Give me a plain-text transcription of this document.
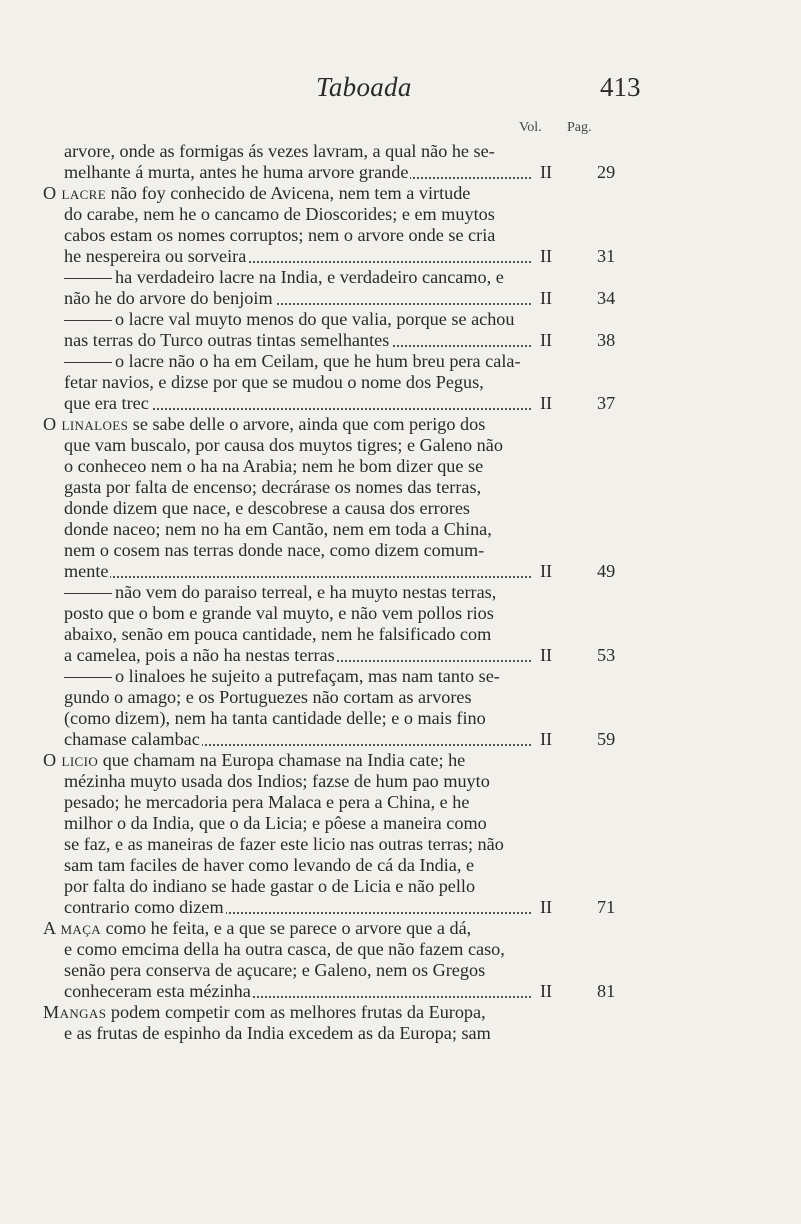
Taboada	413
Vol. Pag.
arvore, onde as formigas ás vezes lavram, a qual não he se-
melhante á murta, antes he huma arvore grande	II 29
O lacre não foy conhecido de Avicena, nem tem a virtude
do carabe, nem he o cancamo de Dioscorides; e em muytos
cabos estam os nomes corruptos; nem o arvore onde se cria
he nespereira ou sorveira	II 31
ha verdadeiro lacre na India, e verdadeiro cancamo, e
não he do arvore do benjoim	II 34
o lacre val muyto menos do que valia, porque se achou
nas terras do Turco outras tintas semelhantes	II 38
o lacre não o ha em Ceilam, que he hum breu pera cala-
fetar navios, e dizse por que se mudou o nome dos Pegus,
que era trec	II 37
O linaloes se sabe delle o arvore, ainda que com perigo dos
que vam buscalo, por causa dos muytos tigres; e Galeno não
o conheceo nem o ha na Arabia; nem he bom dizer que se
gasta por falta de encenso; decrárase os nomes das terras,
donde dizem que nace, e descobrese a causa dos errores
donde naceo; nem no ha em Cantão, nem em toda a China,
nem o cosem nas terras donde nace, como dizem comum-
mente	II 49
não vem do paraiso terreal, e ha muyto nestas terras,
posto que o bom e grande val muyto, e não vem pollos rios
abaixo, senão em pouca cantidade, nem he falsificado com
a camelea, pois a não ha nestas terras	II 53
o linaloes he sujeito a putrefaçam, mas nam tanto se-
gundo o amago; e os Portuguezes não cortam as arvores
(como dizem), nem ha tanta cantidade delle; e o mais fino
chamase calambac	II 59
O licio que chamam na Europa chamase na India cate; he
mézinha muyto usada dos Indios; fazse de hum pao muyto
pesado; he mercadoria pera Malaca e pera a China, e he
milhor o da India, que o da Licia; e pôese a maneira como
se faz, e as maneiras de fazer este licio nas outras terras; não
sam tam faciles de haver como levando de cá da India, e
por falta do indiano se hade gastar o de Licia e não pello
contrario como dizem	II 71
A maça como he feita, e a que se parece o arvore que a dá,
e como emcima della ha outra casca, de que não fazem caso,
senão pera conserva de açucare; e Galeno, nem os Gregos
conheceram esta mézinha	II 81
Mangas podem competir com as melhores frutas da Europa,
e as frutas de espinho da India excedem as da Europa; sam
